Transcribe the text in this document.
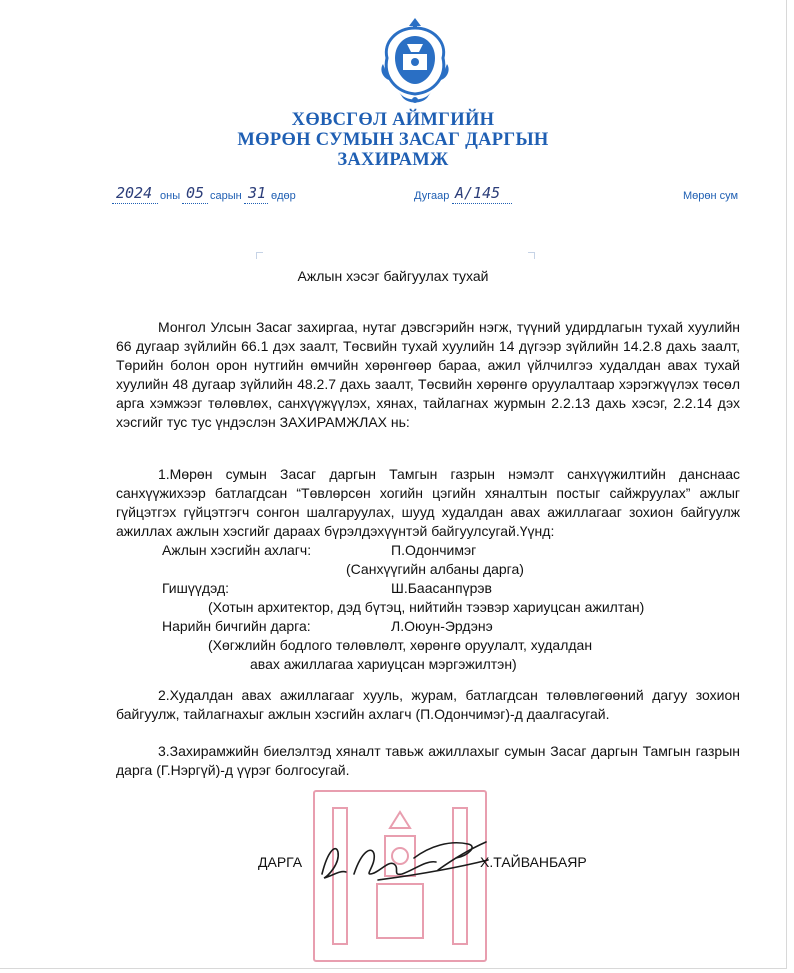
ХӨВСГӨЛ АЙМГИЙН
МӨРӨН СУМЫН ЗАСАГ ДАРГЫН
ЗАХИРАМЖ
2024 оны 05 сарын 31 өдөр	Дугаар А/145	Мөрөн сум
Ажлын хэсэг байгуулах тухай
Монгол Улсын Засаг захиргаа, нутаг дэвсгэрийн нэгж, түүний удирдлагын тухай хуулийн 66 дугаар зүйлийн 66.1 дэх заалт, Төсвийн тухай хуулийн 14 дүгээр зүйлийн 14.2.8 дахь заалт, Төрийн болон орон нутгийн өмчийн хөрөнгөөр бараа, ажил үйлчилгээ худалдан авах тухай хуулийн 48 дугаар зүйлийн 48.2.7 дахь заалт, Төсвийн хөрөнгө оруулалтаар хэрэгжүүлэх төсөл арга хэмжээг төлөвлөх, санхүүжүүлэх, хянах, тайлагнах журмын 2.2.13 дахь хэсэг, 2.2.14 дэх хэсгийг тус тус үндэслэн ЗАХИРАМЖЛАХ нь:
1.Мөрөн сумын Засаг даргын Тамгын газрын нэмэлт санхүүжилтийн данснаас санхүүжихээр батлагдсан “Төвлөрсөн хогийн цэгийн хяналтын постыг сайжруулах” ажлыг гүйцэтгэх гүйцэтгэгч сонгон шалгаруулах, шууд худалдан авах ажиллагааг зохион байгуулж ажиллах ажлын хэсгийг дараах бүрэлдэхүүнтэй байгуулсугай.Үүнд:
Ажлын хэсгийн ахлагч:	П.Одончимэг
(Санхүүгийн албаны дарга)
Гишүүдэд:	Ш.Баасанпүрэв
(Хотын архитектор, дэд бүтэц, нийтийн тээвэр хариуцсан ажилтан)
Нарийн бичгийн дарга:	Л.Оюун-Эрдэнэ
(Хөгжлийн бодлого төлөвлөлт, хөрөнгө оруулалт, худалдан
авах ажиллагаа хариуцсан мэргэжилтэн)
2.Худалдан авах ажиллагааг хууль, журам, батлагдсан төлөвлөгөөний дагуу зохион байгуулж, тайлагнахыг ажлын хэсгийн ахлагч (П.Одончимэг)-д даалгасугай.
3.Захирамжийн биелэлтэд хяналт тавьж ажиллахыг сумын Засаг даргын Тамгын газрын дарга (Г.Нэргүй)-д үүрэг болгосугай.
ДАРГА	Х.ТАЙВАНБАЯР
